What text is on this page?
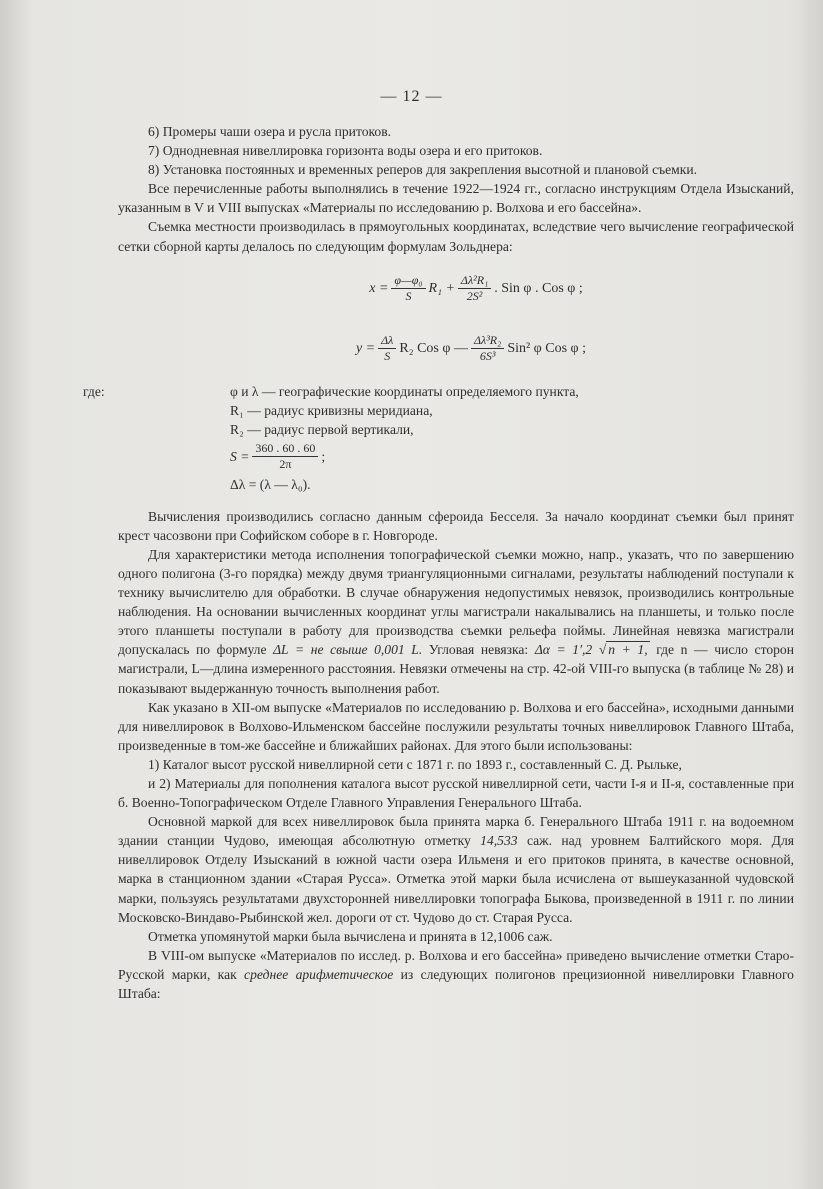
— 12 —

6) Промеры чаши озера и русла притоков.

7) Однодневная нивеллировка горизонта воды озера и его притоков.

8) Установка постоянных и временных реперов для закрепления высотной и плановой съемки.

Все перечисленные работы выполнялись в течение 1922—1924 гг., согласно инструкциям Отдела Изысканий, указанным в V и VIII выпусках «Материалы по исследованию р. Волхова и его бассейна».

Съемка местности производилась в прямоугольных координатах, вследствие чего вычисление географической сетки сборной карты делалось по следующим формулам Зольднера:

$x = \frac{\text{φ—φ₀}}{S} R_1 + \frac{\text{Δλ²R₁}}{\text{2S²}}$ . Sin φ . Cos φ ;
$y = \frac{\Delta\lambda}{S} R_2$ Cos φ — $\frac{\text{Δλ³R₂}}{\text{6S³}} Sin^2$ φ Cos φ ;
где:	φ и λ — географические координаты определяемого пункта,
R₁ — радиус кривизны меридиана,
R₂ — радиус первой вертикали,
$S = \frac{360 . 60 . 60}{2\pi}$ ;
Δλ = (λ — λ₀).

Вычисления производились согласно данным сфероида Бесселя. За начало координат съемки был принят крест часозвони при Софийском соборе в г. Новгороде.

Для характеристики метода исполнения топографической съемки можно, напр., указать, что по завершению одного полигона (3-го порядка) между двумя триангуляционными сигналами, результаты наблюдений поступали к технику вычислителю для обработки. В случае обнаружения недопустимых невязок, производились контрольные наблюдения. На основании вычисленных координат углы магистрали накалывались на планшеты, и только после этого планшеты поступали в работу для производства съемки рельефа поймы. Линейная невязка магистрали допускалась по формуле ΔL = не свыше 0,001 L. Угловая невязка: Δα = 1′,2 √ n + 1, где n — число сторон магистрали, L—длина измеренного расстояния. Невязки отмечены на стр. 42-ой VIII-го выпуска (в таблице № 28) и показывают выдержанную точность выполнения работ.

Как указано в XII-ом выпуске «Материалов по исследованию р. Волхова и его бассейна», исходными данными для нивеллировок в Волхово-Ильменском бассейне послужили результаты точных нивеллировок Главного Штаба, произведенные в том-же бассейне и ближайших районах. Для этого были использованы:

1) Каталог высот русской нивеллирной сети с 1871 г. по 1893 г., составленный С. Д. Рыльке,

и 2) Материалы для пополнения каталога высот русской нивеллирной сети, части I-я и II-я, составленные при б. Военно-Топографическом Отделе Главного Управления Генерального Штаба.

Основной маркой для всех нивеллировок была принята марка б. Генерального Штаба 1911 г. на водоемном здании станции Чудово, имеющая абсолютную отметку 14,533 саж. над уровнем Балтийского моря. Для нивеллировок Отделу Изысканий в южной части озера Ильменя и его притоков принята, в качестве основной, марка в станционном здании «Старая Русса». Отметка этой марки была исчислена от вышеуказанной чудовской марки, пользуясь результатами двухсторонней нивеллировки топографа Быкова, произведенной в 1911 г. по линии Московско-Виндаво-Рыбинской жел. дороги от ст. Чудово до ст. Старая Русса.

Отметка упомянутой марки была вычислена и принята в 12,1006 саж.

В VIII-ом выпуске «Материалов по исслед. р. Волхова и его бассейна» приведено вычисление отметки Старо-Русской марки, как среднее арифметическое из следующих полигонов прецизионной нивеллировки Главного Штаба:
